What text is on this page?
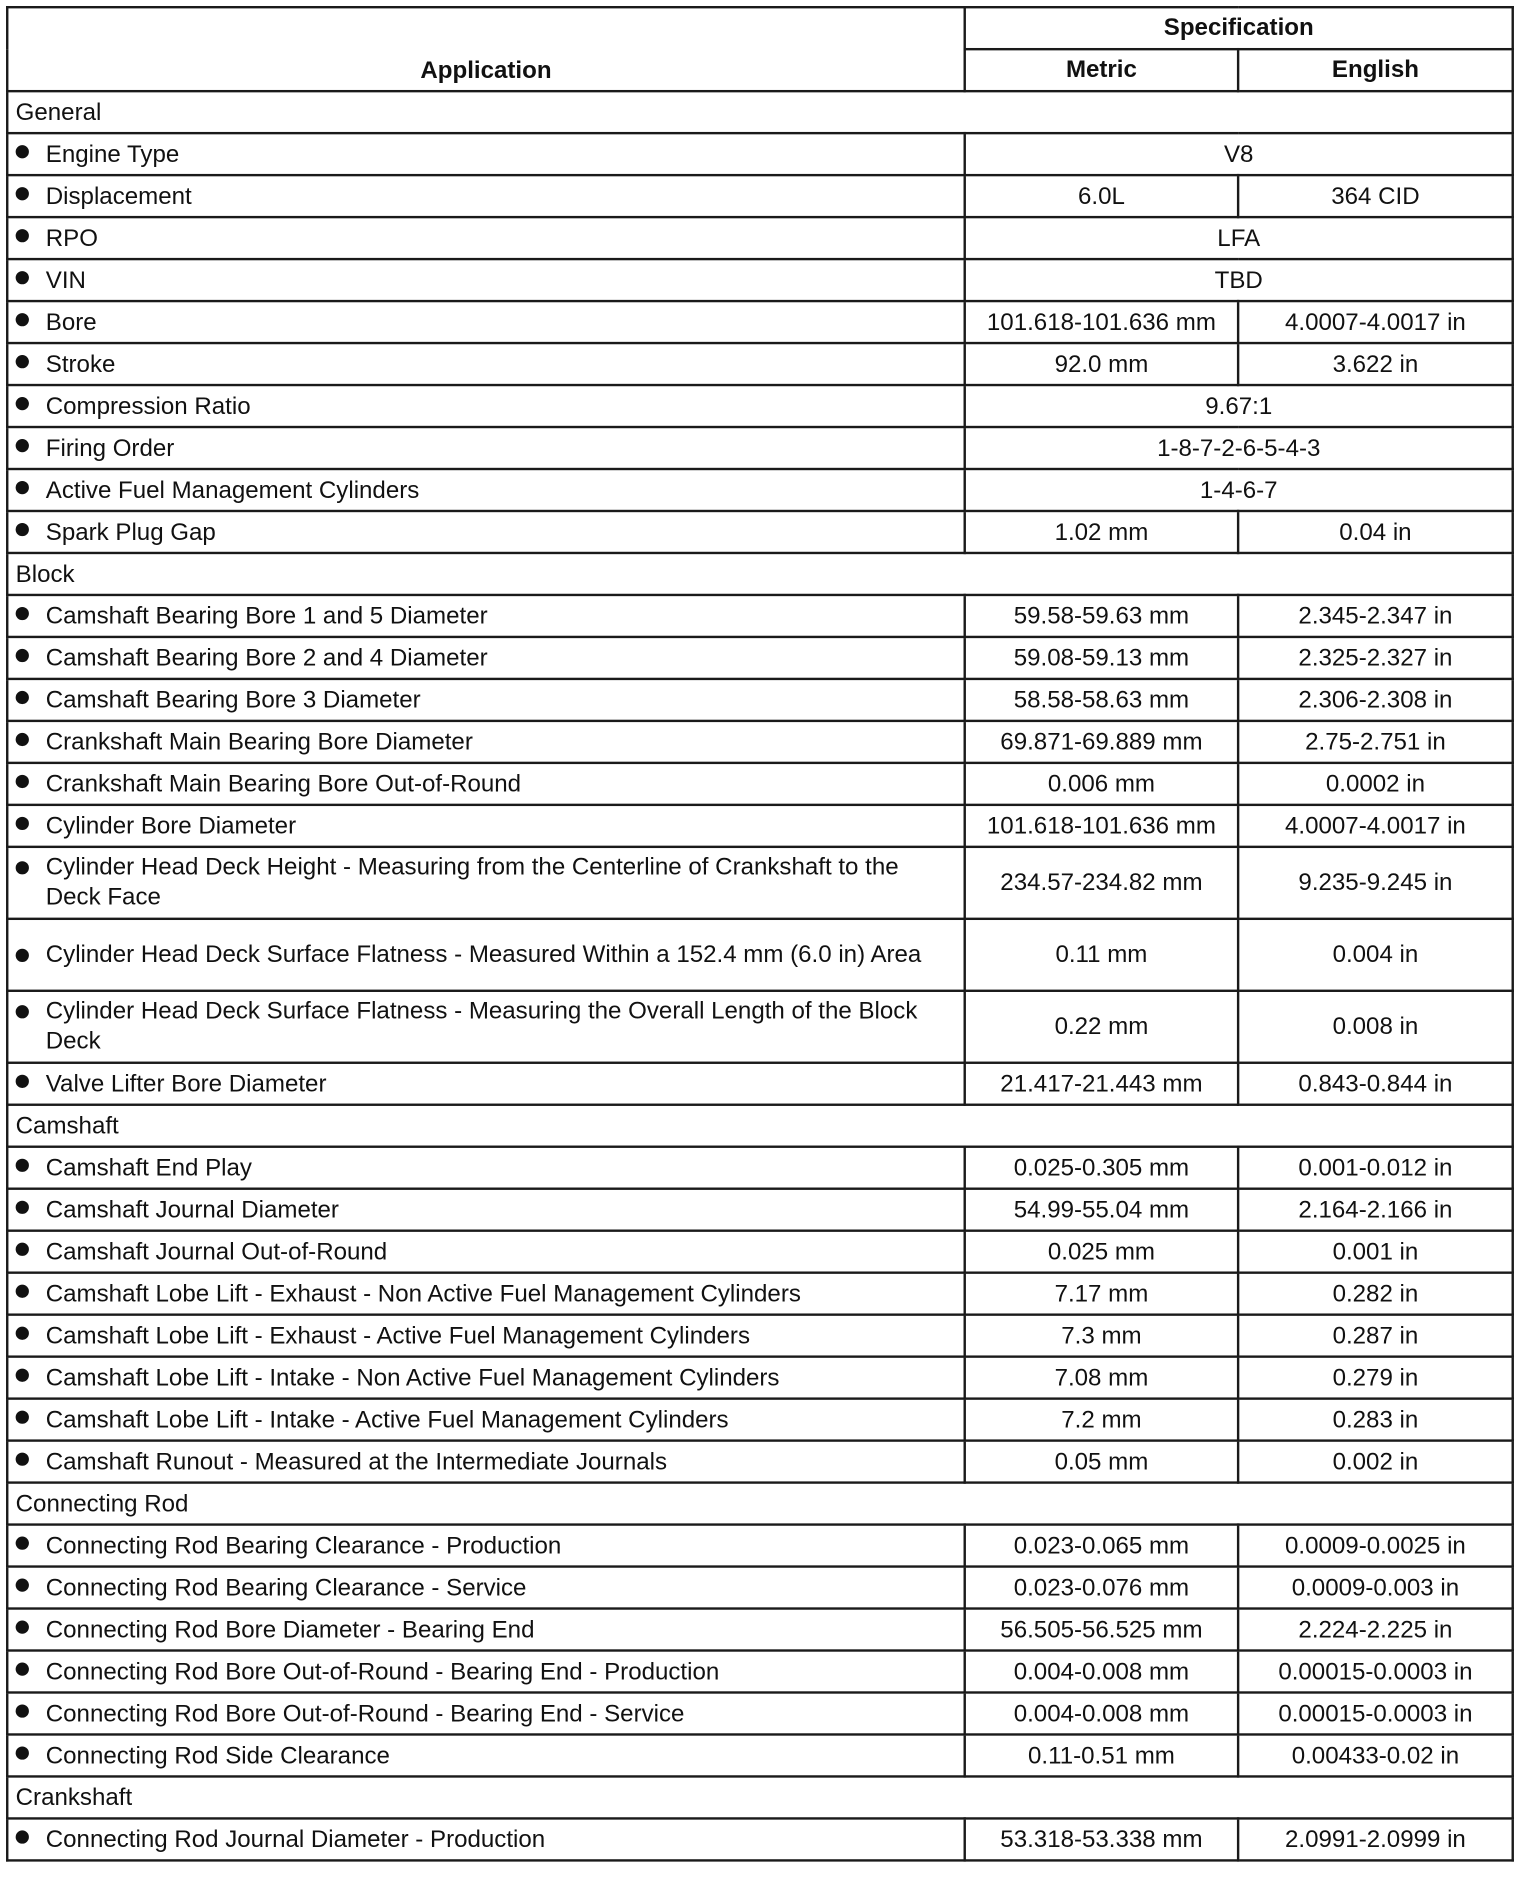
Application	Specification	
	Metric	English
General		

Engine Type	V8	

Displacement	6.0L	364 CID

RPO	LFA	

VIN	TBD	

Bore	101.618-101.636 mm	4.0007-4.0017 in

Stroke	92.0 mm	3.622 in

Compression Ratio	9.67:1	

Firing Order	1-8-7-2-6-5-4-3	

Active Fuel Management Cylinders	1-4-6-7	

Spark Plug Gap	1.02 mm	0.04 in
Block		

Camshaft Bearing Bore 1 and 5 Diameter	59.58-59.63 mm	2.345-2.347 in

Camshaft Bearing Bore 2 and 4 Diameter	59.08-59.13 mm	2.325-2.327 in

Camshaft Bearing Bore 3 Diameter	58.58-58.63 mm	2.306-2.308 in

Crankshaft Main Bearing Bore Diameter	69.871-69.889 mm	2.75-2.751 in

Crankshaft Main Bearing Bore Out-of-Round	0.006 mm	0.0002 in

Cylinder Bore Diameter	101.618-101.636 mm	4.0007-4.0017 in

Cylinder Head Deck Height - Measuring from the Centerline of Crankshaft to the Deck Face	234.57-234.82 mm	9.235-9.245 in

Cylinder Head Deck Surface Flatness - Measured Within a 152.4 mm (6.0 in) Area	0.11 mm	0.004 in

Cylinder Head Deck Surface Flatness - Measuring the Overall Length of the Block Deck	0.22 mm	0.008 in

Valve Lifter Bore Diameter	21.417-21.443 mm	0.843-0.844 in
Camshaft		

Camshaft End Play	0.025-0.305 mm	0.001-0.012 in

Camshaft Journal Diameter	54.99-55.04 mm	2.164-2.166 in

Camshaft Journal Out-of-Round	0.025 mm	0.001 in

Camshaft Lobe Lift - Exhaust - Non Active Fuel Management Cylinders	7.17 mm	0.282 in

Camshaft Lobe Lift - Exhaust - Active Fuel Management Cylinders	7.3 mm	0.287 in

Camshaft Lobe Lift - Intake - Non Active Fuel Management Cylinders	7.08 mm	0.279 in

Camshaft Lobe Lift - Intake - Active Fuel Management Cylinders	7.2 mm	0.283 in

Camshaft Runout - Measured at the Intermediate Journals	0.05 mm	0.002 in
Connecting Rod		

Connecting Rod Bearing Clearance - Production	0.023-0.065 mm	0.0009-0.0025 in

Connecting Rod Bearing Clearance - Service	0.023-0.076 mm	0.0009-0.003 in

Connecting Rod Bore Diameter - Bearing End	56.505-56.525 mm	2.224-2.225 in

Connecting Rod Bore Out-of-Round - Bearing End - Production	0.004-0.008 mm	0.00015-0.0003 in

Connecting Rod Bore Out-of-Round - Bearing End - Service	0.004-0.008 mm	0.00015-0.0003 in

Connecting Rod Side Clearance	0.11-0.51 mm	0.00433-0.02 in
Crankshaft		

Connecting Rod Journal Diameter - Production	53.318-53.338 mm	2.0991-2.0999 in
